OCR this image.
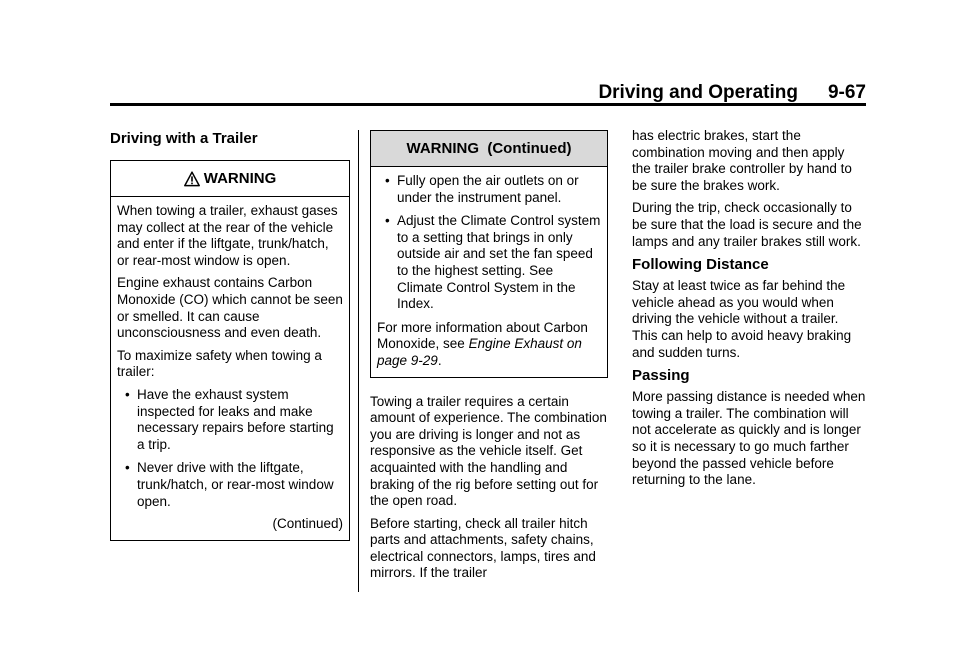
Driving and Operating 9-67
Driving with a Trailer
WARNING

When towing a trailer, exhaust gases may collect at the rear of the vehicle and enter if the liftgate, trunk/hatch, or rear-most window is open.

Engine exhaust contains Carbon Monoxide (CO) which cannot be seen or smelled. It can cause unconsciousness and even death.

To maximize safety when towing a trailer:

• Have the exhaust system inspected for leaks and make necessary repairs before starting a trip.
• Never drive with the liftgate, trunk/hatch, or rear-most window open.
(Continued)
WARNING  (Continued)
• Fully open the air outlets on or under the instrument panel.
• Adjust the Climate Control system to a setting that brings in only outside air and set the fan speed to the highest setting. See Climate Control System in the Index.

For more information about Carbon Monoxide, see Engine Exhaust on page 9-29.

Towing a trailer requires a certain amount of experience. The combination you are driving is longer and not as responsive as the vehicle itself. Get acquainted with the handling and braking of the rig before setting out for the open road.

Before starting, check all trailer hitch parts and attachments, safety chains, electrical connectors, lamps, tires and mirrors. If the trailer

has electric brakes, start the combination moving and then apply the trailer brake controller by hand to be sure the brakes work.

During the trip, check occasionally to be sure that the load is secure and the lamps and any trailer brakes still work.

Following Distance

Stay at least twice as far behind the vehicle ahead as you would when driving the vehicle without a trailer. This can help to avoid heavy braking and sudden turns.

Passing

More passing distance is needed when towing a trailer. The combination will not accelerate as quickly and is longer so it is necessary to go much farther beyond the passed vehicle before returning to the lane.
